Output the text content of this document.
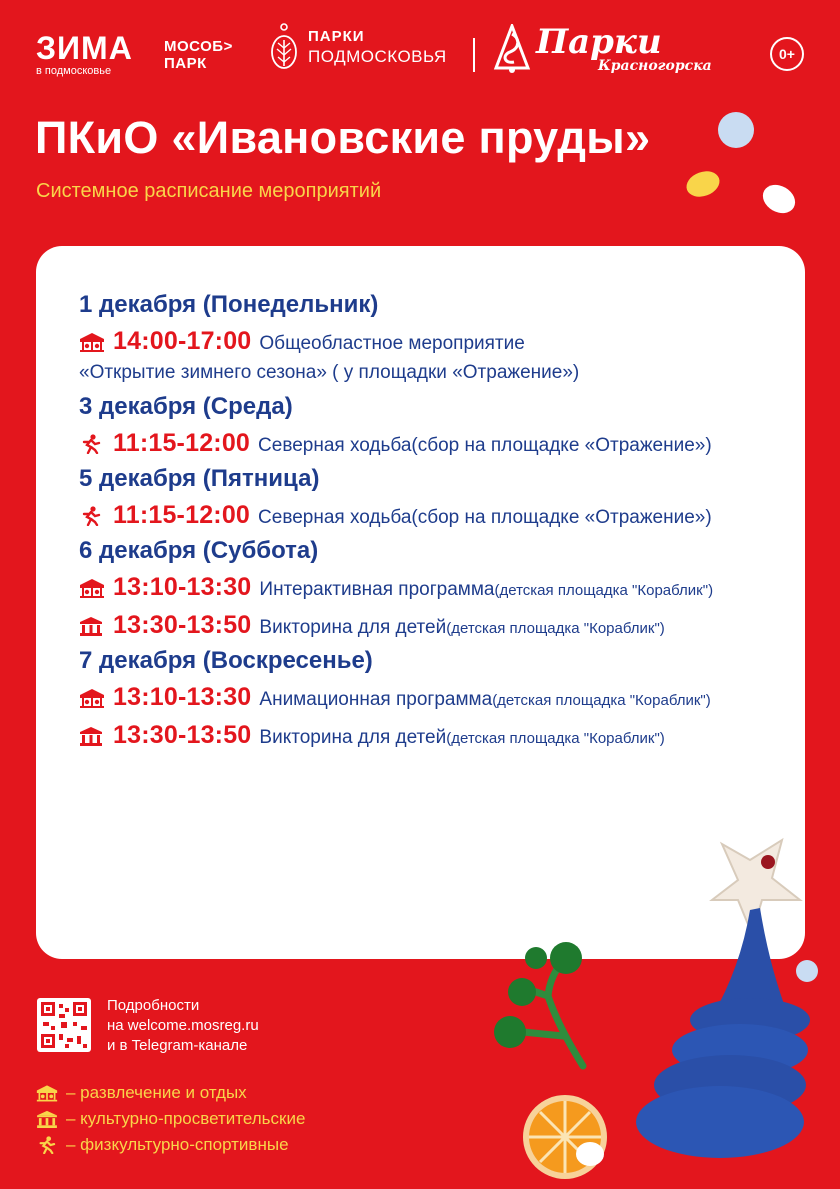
ЗИМА
в подмосковье
МОСОБ>
ПАРК
ПАРКИ
ПОДМОСКОВЬЯ	Парки
Красногорска
0+
ПКиО «Ивановские пруды»
Системное расписание мероприятий
1 декабря (Понедельник)
14:00-17:00 Общеобластное мероприятие
«Открытие зимнего сезона» ( у площадки «Отражение»)
3 декабря (Среда)
11:15-12:00 Северная ходьба(сбор на площадке «Отражение»)
5 декабря (Пятница)
11:15-12:00 Северная ходьба(сбор на площадке «Отражение»)
6 декабря (Суббота)
13:10-13:30 Интерактивная программа (детская площадка "Кораблик")
13:30-13:50 Викторина для детей (детская площадка "Кораблик")
7 декабря (Воскресенье)
13:10-13:30 Анимационная программа (детская площадка "Кораблик")
13:30-13:50 Викторина для детей (детская площадка "Кораблик")
Подробности
на welcome.mosreg.ru
и в Telegram-канале
– развлечение и отдых
– культурно-просветительские
– физкультурно-спортивные
